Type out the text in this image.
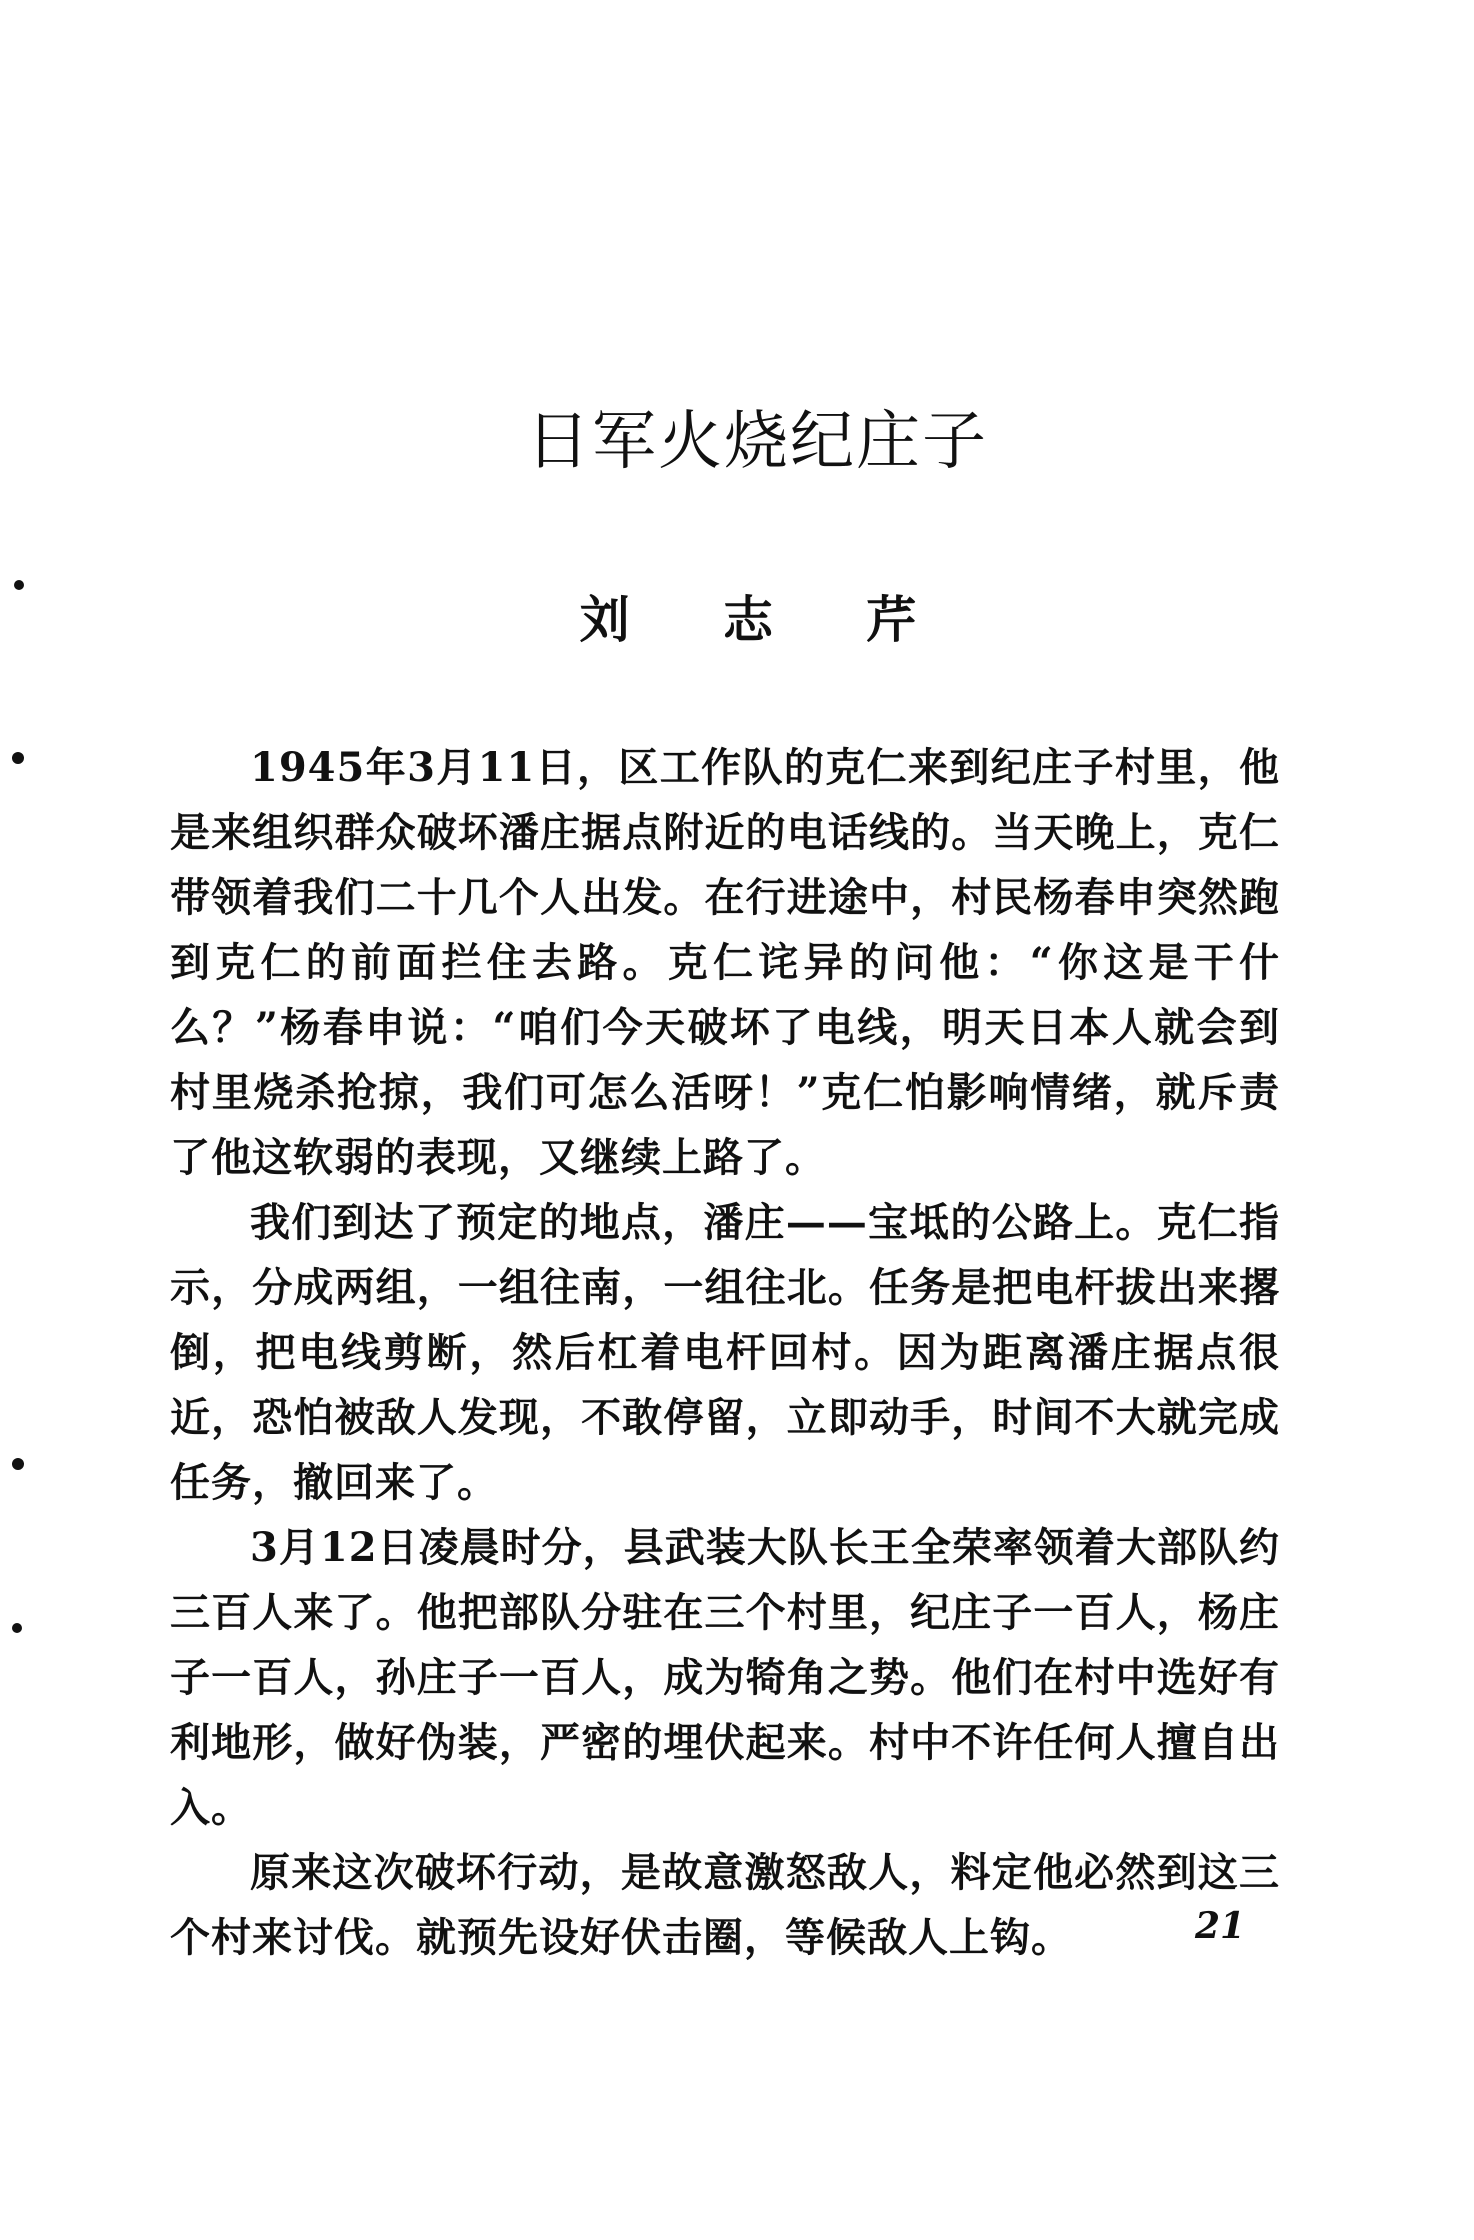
日军火烧纪庄子
刘 志 芹

1945年3月11日，区工作队的克仁来到纪庄子村里，他是来组织群众破坏潘庄据点附近的电话线的。当天晚上，克仁带领着我们二十几个人出发。在行进途中，村民杨春申突然跑到克仁的前面拦住去路。克仁诧异的问他：“你这是干什么？”杨春申说：“咱们今天破坏了电线，明天日本人就会到村里烧杀抢掠，我们可怎么活呀！”克仁怕影响情绪，就斥责了他这软弱的表现，又继续上路了。

我们到达了预定的地点，潘庄——宝坻的公路上。克仁指示，分成两组，一组往南，一组往北。任务是把电杆拔出来撂倒，把电线剪断，然后杠着电杆回村。因为距离潘庄据点很近，恐怕被敌人发现，不敢停留，立即动手，时间不大就完成任务，撤回来了。

3月12日凌晨时分，县武装大队长王全荣率领着大部队约三百人来了。他把部队分驻在三个村里，纪庄子一百人，杨庄子一百人，孙庄子一百人，成为犄角之势。他们在村中选好有利地形，做好伪装，严密的埋伏起来。村中不许任何人擅自出入。

原来这次破坏行动，是故意激怒敌人，料定他必然到这三个村来讨伐。就预先设好伏击圈，等候敌人上钩。	21
